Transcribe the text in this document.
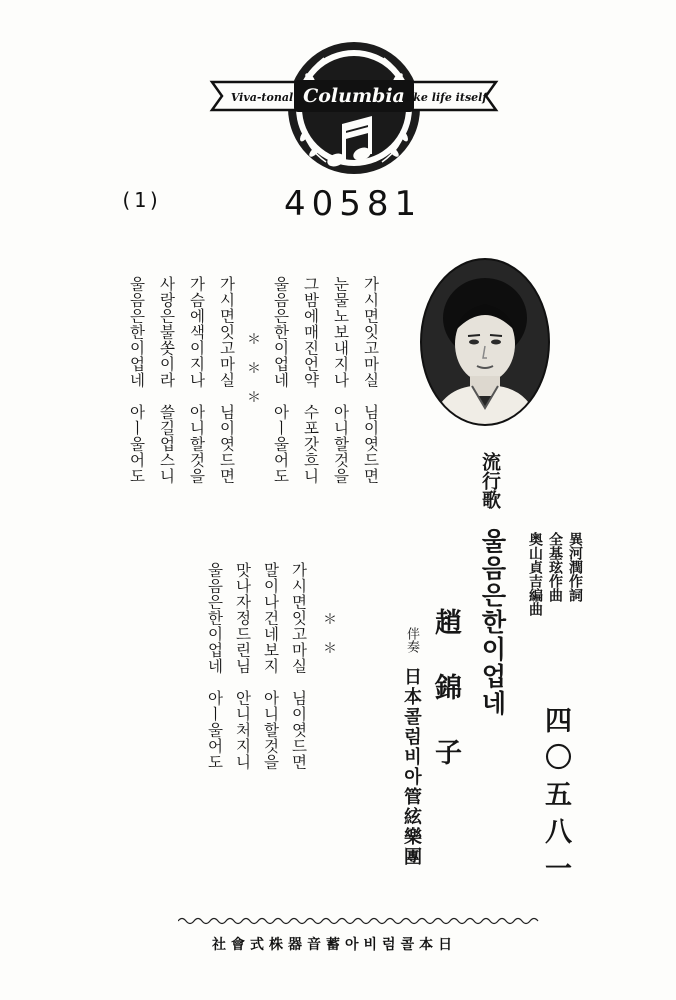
Viva-tonal Columbia like life itself
(1)	40581
流行歌
울음은한이업네
趙錦子
伴奏
日本콜럼비아管絃樂團

異河潤作詞

全基玹作曲

奥山貞吉編曲

四〇五八一
가시면잇고마실　님이엿드면
눈물노보내지나　아니할것을
그밤에매진언약　수포갓흐니
울음은한이업네　아ㅣ울어도
＊　＊　＊
가시면잇고마실　님이엿드면
가슴에색이지나　아니할것을
사랑은불쏫이라　쓸길업스니
울음은한이업네　아ㅣ울어도
＊　＊
가시면잇고마실　님이엿드면
말이나건네보지　아니할것을
맛나자정드린님　안니처지니
울음은한이업네　아ㅣ울어도
社會式株器音蓄아비럼콜本日
